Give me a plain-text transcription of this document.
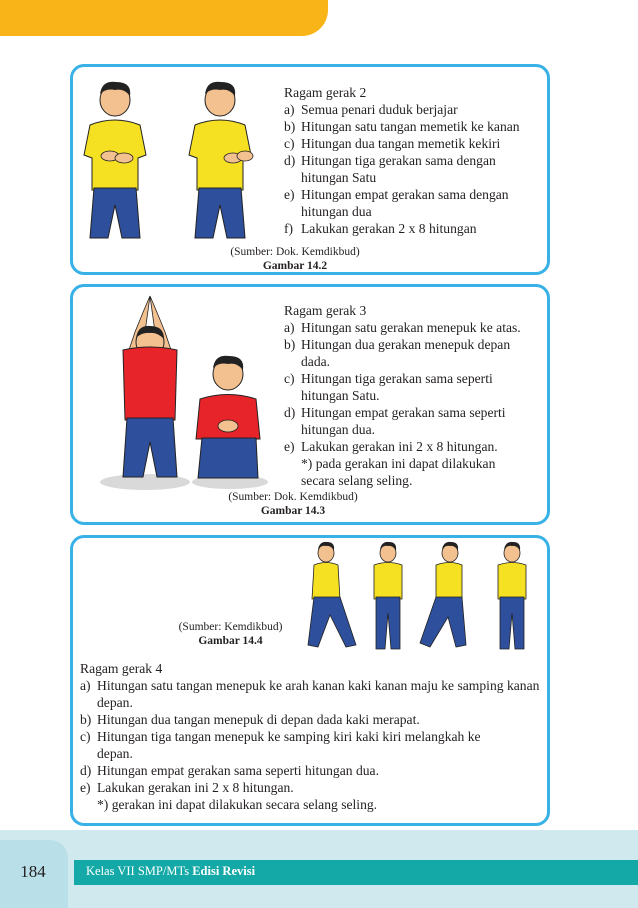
Ragam gerak 2
a) Semua penari duduk berjajar
b) Hitungan satu tangan memetik ke kanan
c) Hitungan dua tangan memetik kekiri
d) Hitungan tiga gerakan sama dengan hitungan Satu
e) Hitungan empat gerakan sama dengan hitungan dua
f) Lakukan gerakan 2 x 8 hitungan
(Sumber: Dok. Kemdikbud)
Gambar 14.2
Ragam gerak 3
a) Hitungan satu gerakan menepuk ke atas.
b) Hitungan dua gerakan menepuk depan dada.
c) Hitungan tiga gerakan sama seperti hitungan Satu.
d) Hitungan empat gerakan sama seperti hitungan dua.
e) Lakukan gerakan ini 2 x 8 hitungan.
*) pada gerakan ini dapat dilakukan secara selang seling.
(Sumber: Dok. Kemdikbud)
Gambar 14.3
(Sumber: Kemdikbud)
Gambar 14.4
Ragam gerak 4
a) Hitungan satu tangan menepuk ke arah kanan kaki kanan maju ke samping kanan depan.
b) Hitungan dua tangan menepuk di depan dada kaki merapat.
c) Hitungan tiga tangan menepuk ke samping kiri kaki kiri melangkah ke depan.
d) Hitungan empat gerakan sama seperti hitungan dua.
e) Lakukan gerakan ini 2 x 8 hitungan.
*) gerakan ini dapat dilakukan secara selang seling.
184	Kelas VII SMP/MTs Edisi Revisi
